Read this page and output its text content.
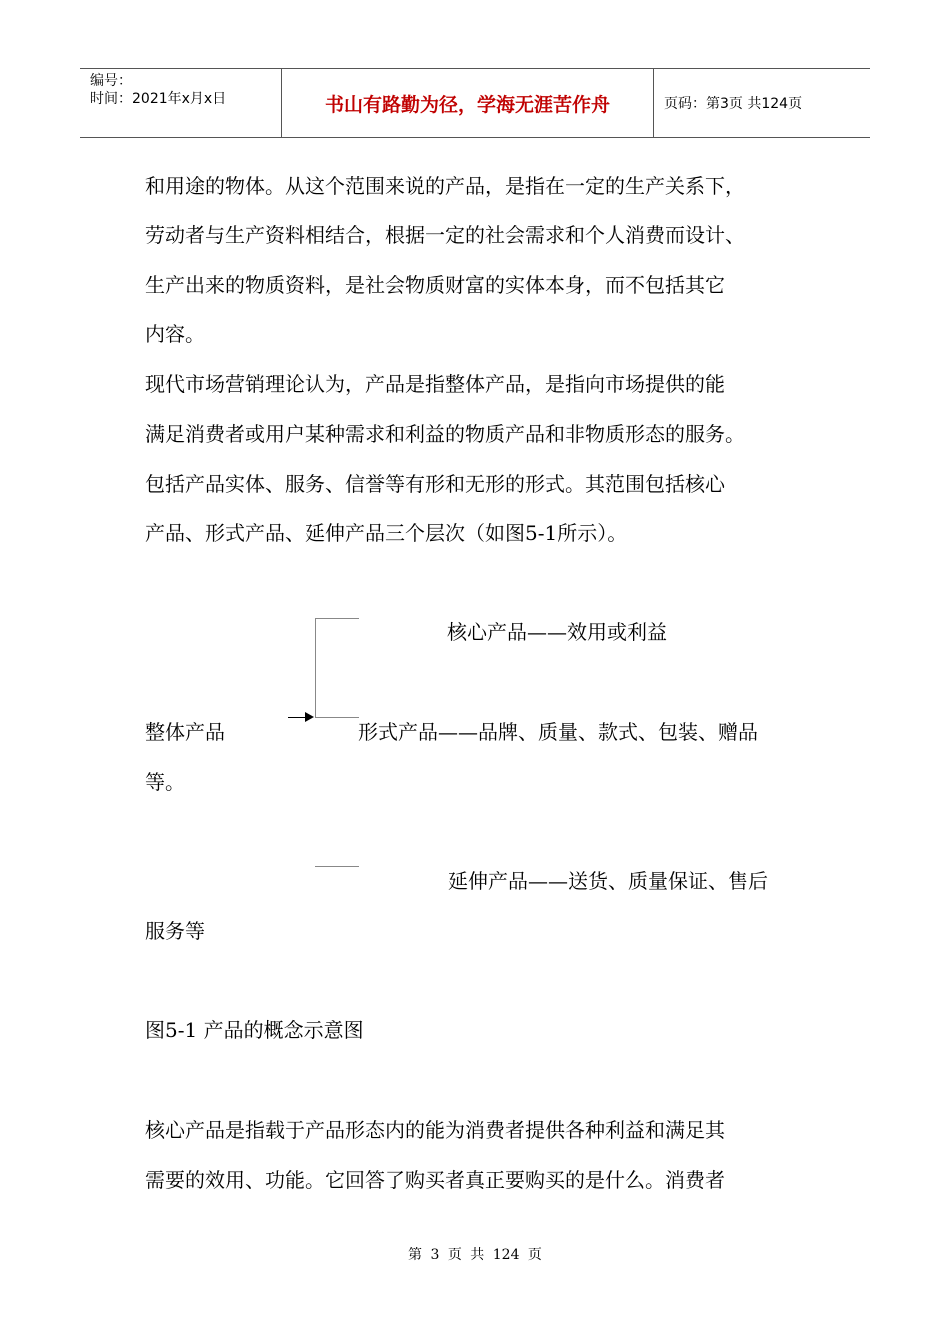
编号：
时间：2021年x月x日	书山有路勤为径，学海无涯苦作舟	页码：第3页 共124页
和用途的物体。从这个范围来说的产品，是指在一定的生产关系下，
劳动者与生产资料相结合，根据一定的社会需求和个人消费而设计、
生产出来的物质资料，是社会物质财富的实体本身，而不包括其它
内容。
现代市场营销理论认为，产品是指整体产品，是指向市场提供的能
满足消费者或用户某种需求和利益的物质产品和非物质形态的服务。
包括产品实体、服务、信誉等有形和无形的形式。其范围包括核心
产品、形式产品、延伸产品三个层次（如图5-1所示）。
核心产品——效用或利益
整体产品	形式产品——品牌、质量、款式、包装、赠品
等。
延伸产品——送货、质量保证、售后
服务等
图5-1 产品的概念示意图
核心产品是指载于产品形态内的能为消费者提供各种利益和满足其
需要的效用、功能。它回答了购买者真正要购买的是什么。消费者
第 3 页 共 124 页
